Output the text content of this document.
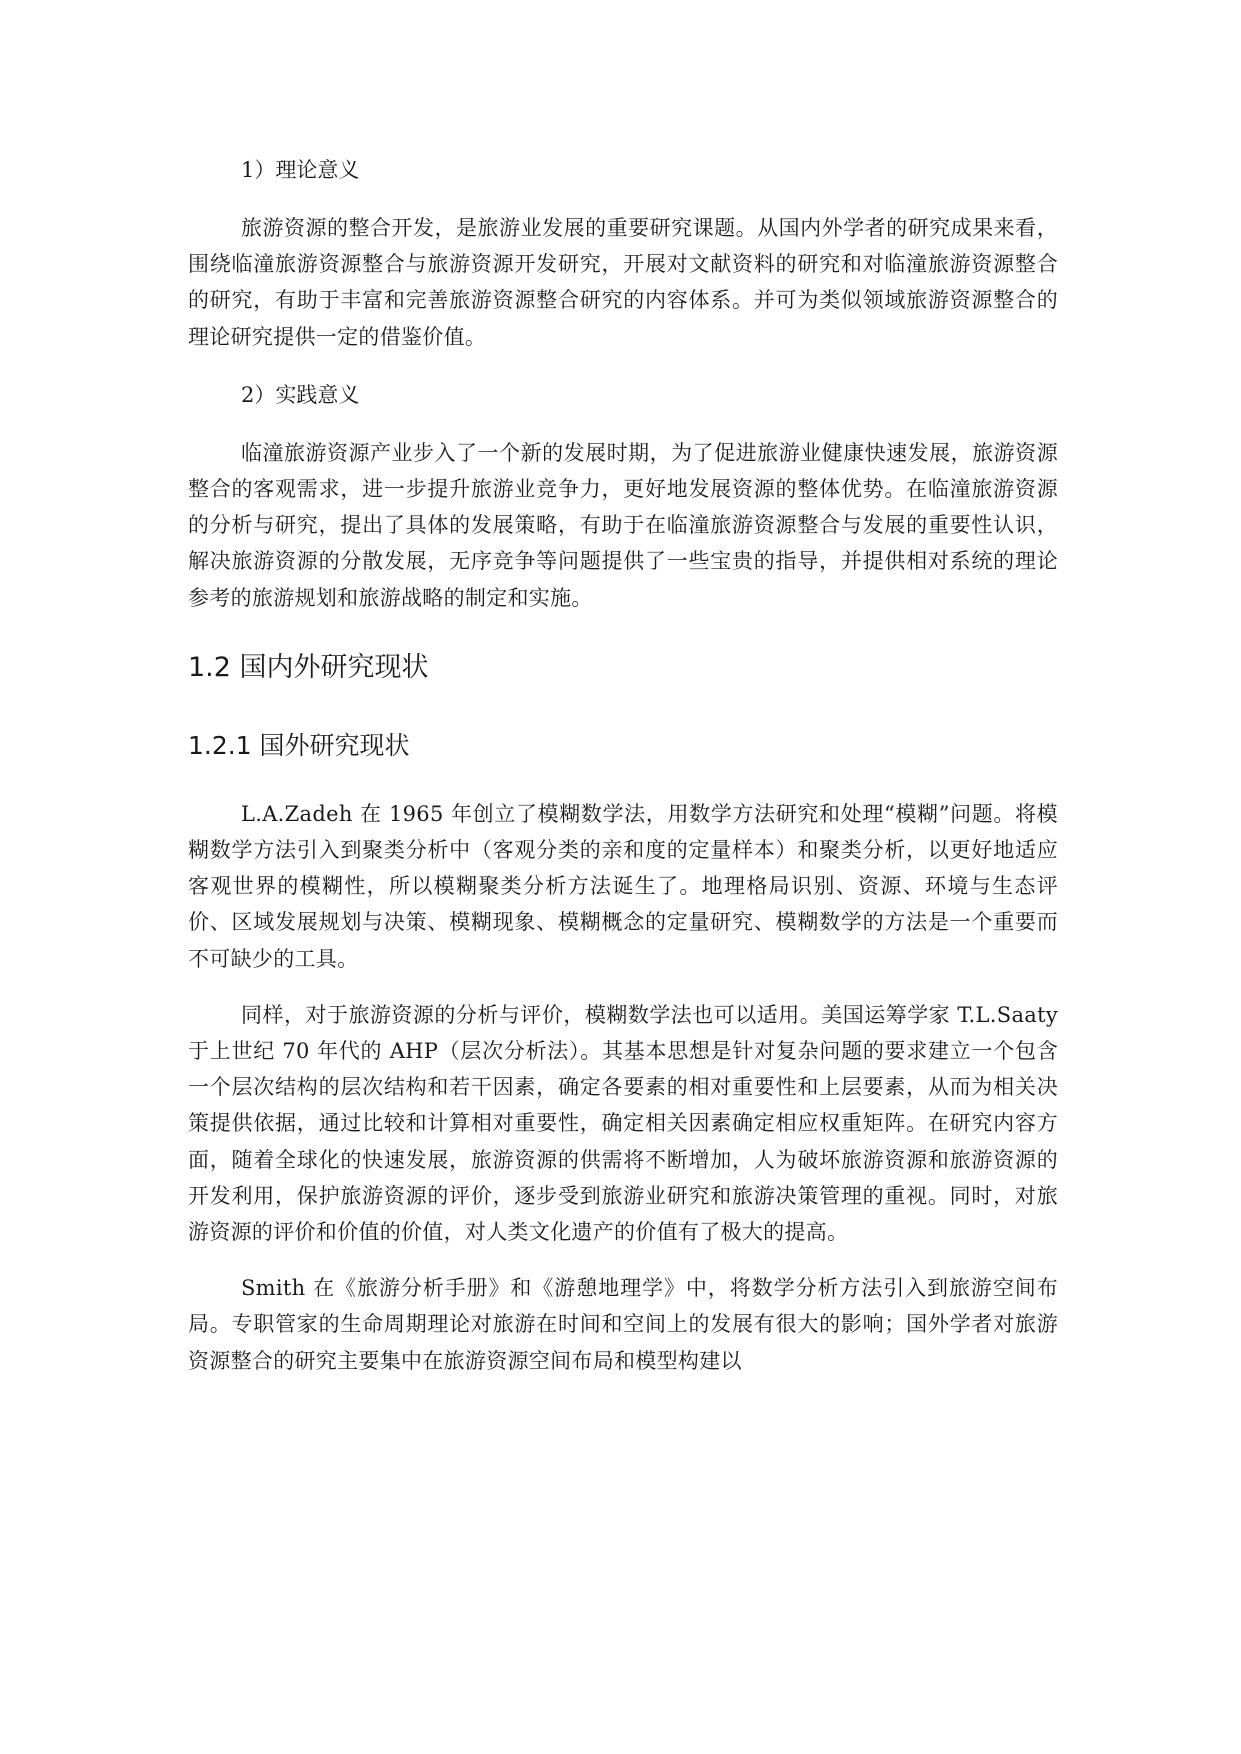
1）理论意义

旅游资源的整合开发，是旅游业发展的重要研究课题。从国内外学者的研究成果来看，围绕临潼旅游资源整合与旅游资源开发研究，开展对文献资料的研究和对临潼旅游资源整合的研究，有助于丰富和完善旅游资源整合研究的内容体系。并可为类似领域旅游资源整合的理论研究提供一定的借鉴价值。

2）实践意义

临潼旅游资源产业步入了一个新的发展时期，为了促进旅游业健康快速发展，旅游资源整合的客观需求，进一步提升旅游业竞争力，更好地发展资源的整体优势。在临潼旅游资源的分析与研究，提出了具体的发展策略，有助于在临潼旅游资源整合与发展的重要性认识，解决旅游资源的分散发展，无序竞争等问题提供了一些宝贵的指导，并提供相对系统的理论参考的旅游规划和旅游战略的制定和实施。

1.2 国内外研究现状
1.2.1 国外研究现状

L.A.Zadeh 在 1965 年创立了模糊数学法，用数学方法研究和处理“模糊”问题。将模糊数学方法引入到聚类分析中（客观分类的亲和度的定量样本）和聚类分析，以更好地适应客观世界的模糊性，所以模糊聚类分析方法诞生了。地理格局识别、资源、环境与生态评价、区域发展规划与决策、模糊现象、模糊概念的定量研究、模糊数学的方法是一个重要而不可缺少的工具。

同样，对于旅游资源的分析与评价，模糊数学法也可以适用。美国运筹学家 T.L.Saaty 于上世纪 70 年代的 AHP（层次分析法）。其基本思想是针对复杂问题的要求建立一个包含一个层次结构的层次结构和若干因素，确定各要素的相对重要性和上层要素，从而为相关决策提供依据，通过比较和计算相对重要性，确定相关因素确定相应权重矩阵。在研究内容方面，随着全球化的快速发展，旅游资源的供需将不断增加，人为破坏旅游资源和旅游资源的开发利用，保护旅游资源的评价，逐步受到旅游业研究和旅游决策管理的重视。同时，对旅游资源的评价和价值的价值，对人类文化遗产的价值有了极大的提高。

Smith 在《旅游分析手册》和《游憩地理学》中，将数学分析方法引入到旅游空间布局。专职管家的生命周期理论对旅游在时间和空间上的发展有很大的影响；国外学者对旅游资源整合的研究主要集中在旅游资源空间布局和模型构建以
